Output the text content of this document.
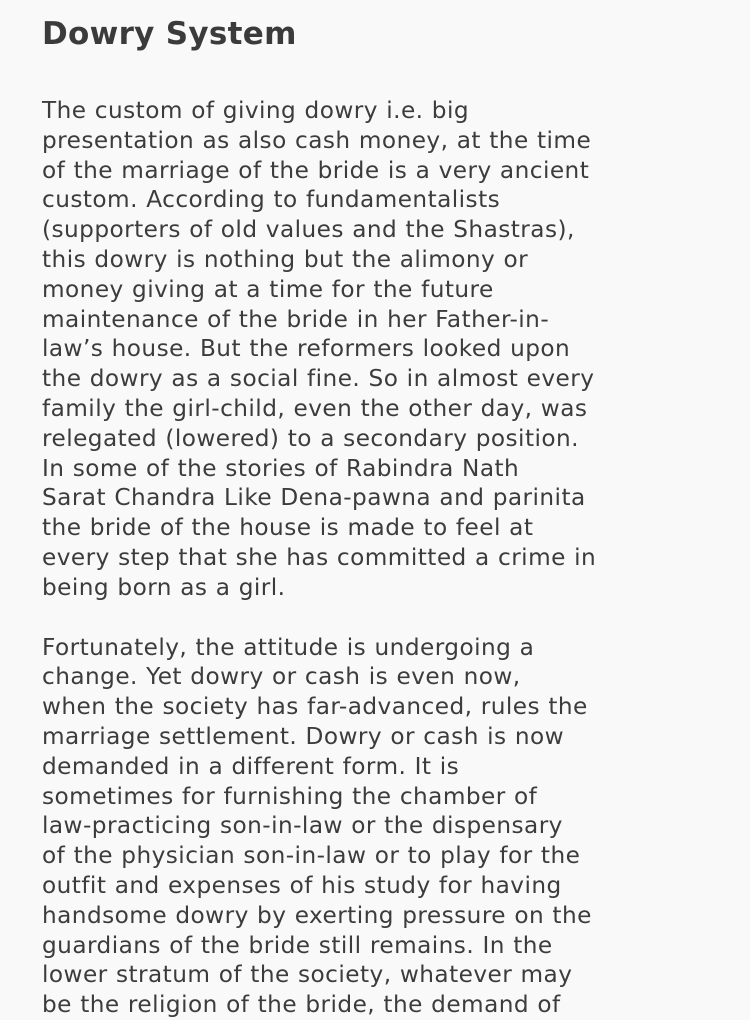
Dowry System

The custom of giving dowry i.e. big
presentation as also cash money, at the time
of the marriage of the bride is a very ancient
custom. According to fundamentalists
(supporters of old values and the Shastras),
this dowry is nothing but the alimony or
money giving at a time for the future
maintenance of the bride in her Father-in-
law’s house. But the reformers looked upon
the dowry as a social fine. So in almost every
family the girl-child, even the other day, was
relegated (lowered) to a secondary position.
In some of the stories of Rabindra Nath
Sarat Chandra Like Dena-pawna and parinita
the bride of the house is made to feel at
every step that she has committed a crime in
being born as a girl.

Fortunately, the attitude is undergoing a
change. Yet dowry or cash is even now,
when the society has far-advanced, rules the
marriage settlement. Dowry or cash is now
demanded in a different form. It is
sometimes for furnishing the chamber of
law-practicing son-in-law or the dispensary
of the physician son-in-law or to play for the
outfit and expenses of his study for having
handsome dowry by exerting pressure on the
guardians of the bride still remains. In the
lower stratum of the society, whatever may
be the religion of the bride, the demand of
